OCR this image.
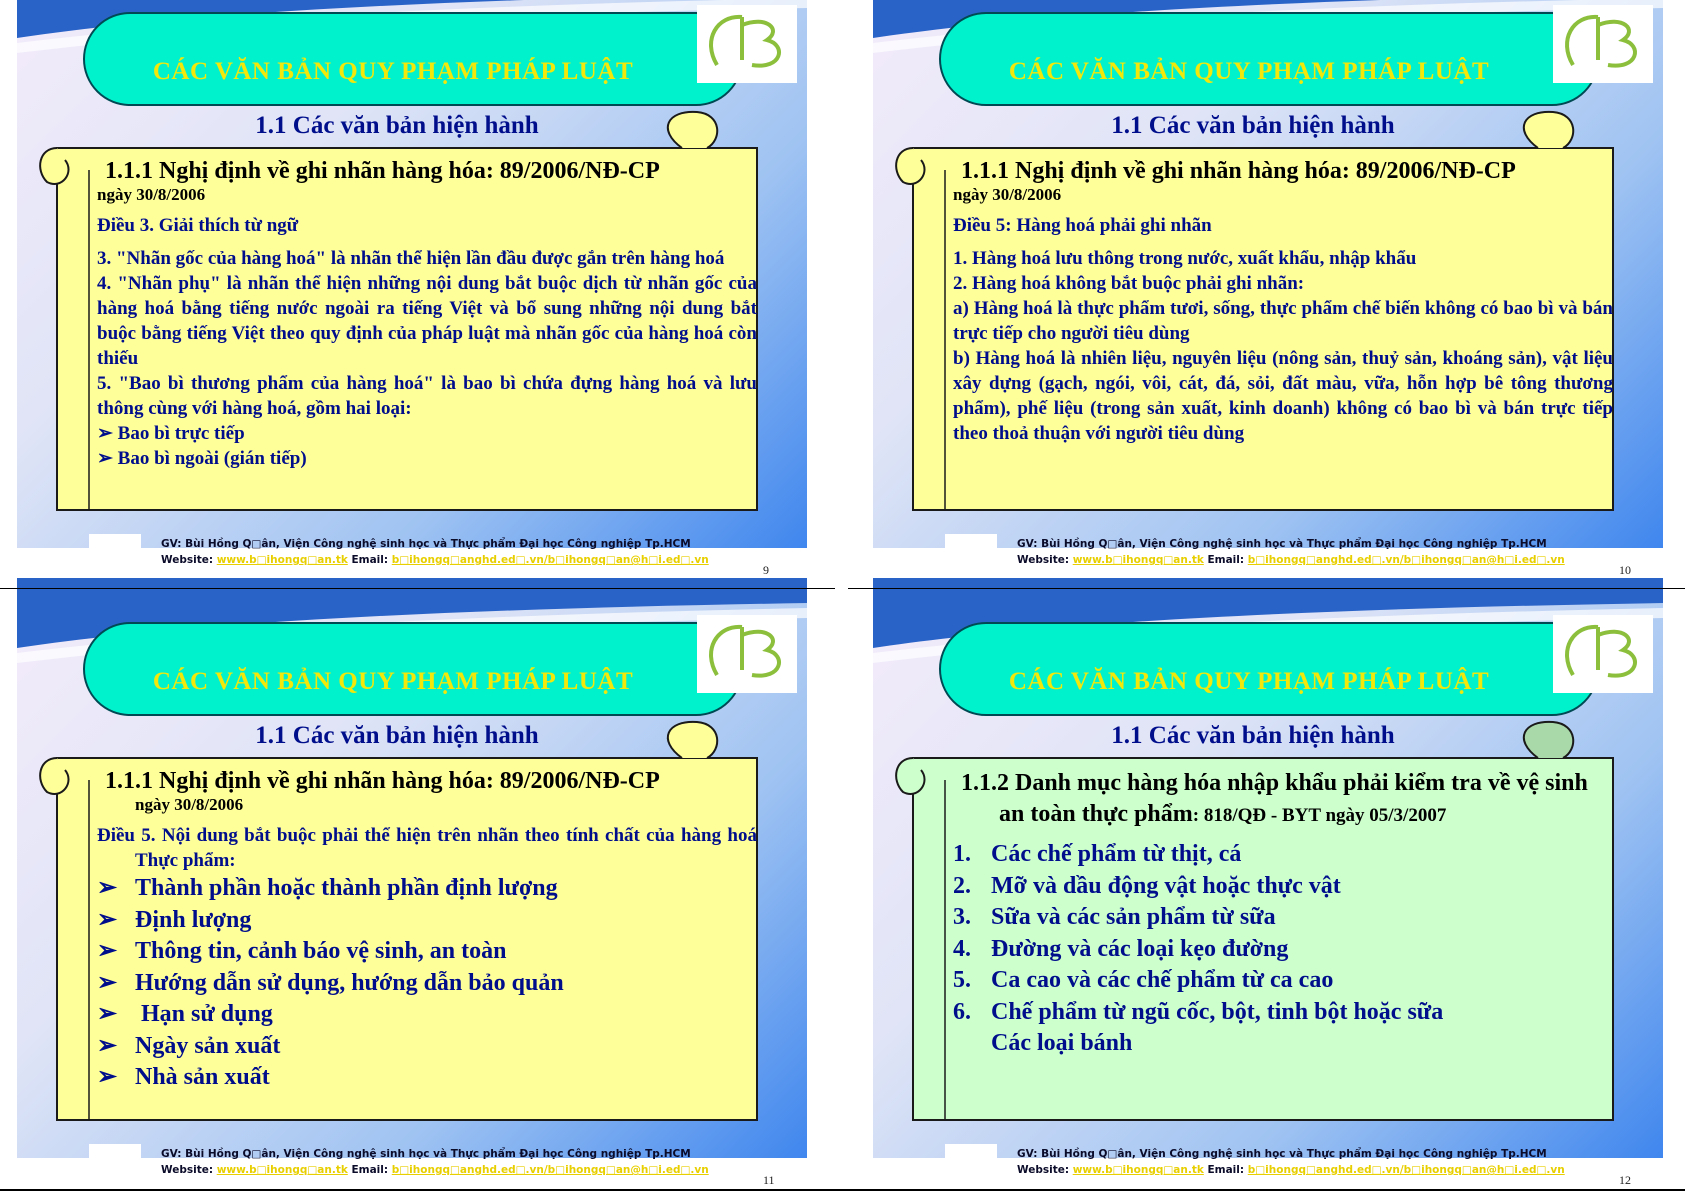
CÁC VĂN BẢN QUY PHẠM PHÁP LUẬT
1.1 Các văn bản hiện hành
1.1.1 Nghị định về ghi nhãn hàng hóa: 89/2006/NĐ-CP
ngày 30/8/2006
Điều 3. Giải thích từ ngữ
3. "Nhãn gốc của hàng hoá" là nhãn thể hiện lần đầu được gắn trên hàng hoá
4. "Nhãn phụ" là nhãn thể hiện những nội dung bắt buộc dịch từ nhãn gốc của hàng hoá bằng tiếng nước ngoài ra tiếng Việt và bổ sung những nội dung bắt buộc bằng tiếng Việt theo quy định của pháp luật mà nhãn gốc của hàng hoá còn thiếu
5. "Bao bì thương phẩm của hàng hoá" là bao bì chứa đựng hàng hoá và lưu thông cùng với hàng hoá, gồm hai loại:
➢ Bao bì trực tiếp
➢ Bao bì ngoài (gián tiếp)
GV: Bùi Hồng Q□ân, Viện Công nghệ sinh học và Thực phẩm Đại học Công nghiệp Tp.HCM
Website: www.b□ihongq□an.tk Email: b□ihongq□anghd.ed□.vn/b□ihongq□an@h□i.ed□.vn
9
CÁC VĂN BẢN QUY PHẠM PHÁP LUẬT
1.1 Các văn bản hiện hành
1.1.1 Nghị định về ghi nhãn hàng hóa: 89/2006/NĐ-CP
ngày 30/8/2006
Điều 5: Hàng hoá phải ghi nhãn
1. Hàng hoá lưu thông trong nước, xuất khẩu, nhập khẩu
2. Hàng hoá không bắt buộc phải ghi nhãn:
a) Hàng hoá là thực phẩm tươi, sống, thực phẩm chế biến không có bao bì và bán trực tiếp cho người tiêu dùng
b) Hàng hoá là nhiên liệu, nguyên liệu (nông sản, thuỷ sản, khoáng sản), vật liệu xây dựng (gạch, ngói, vôi, cát, đá, sỏi, đất màu, vữa, hỗn hợp bê tông thương phẩm), phế liệu (trong sản xuất, kinh doanh) không có bao bì và bán trực tiếp theo thoả thuận với người tiêu dùng
GV: Bùi Hồng Q□ân, Viện Công nghệ sinh học và Thực phẩm Đại học Công nghiệp Tp.HCM
Website: www.b□ihongq□an.tk Email: b□ihongq□anghd.ed□.vn/b□ihongq□an@h□i.ed□.vn
10
CÁC VĂN BẢN QUY PHẠM PHÁP LUẬT
1.1 Các văn bản hiện hành
1.1.1 Nghị định về ghi nhãn hàng hóa: 89/2006/NĐ-CP
ngày 30/8/2006
Điều 5. Nội dung bắt buộc phải thể hiện trên nhãn theo tính chất của hàng hoá Thực phẩm:
➢ Thành phần hoặc thành phần định lượng
➢ Định lượng
➢ Thông tin, cảnh báo vệ sinh, an toàn
➢ Hướng dẫn sử dụng, hướng dẫn bảo quản
➢ Hạn sử dụng
➢ Ngày sản xuất
➢ Nhà sản xuất
GV: Bùi Hồng Q□ân, Viện Công nghệ sinh học và Thực phẩm Đại học Công nghiệp Tp.HCM
Website: www.b□ihongq□an.tk Email: b□ihongq□anghd.ed□.vn/b□ihongq□an@h□i.ed□.vn
11
CÁC VĂN BẢN QUY PHẠM PHÁP LUẬT
1.1 Các văn bản hiện hành
1.1.2 Danh mục hàng hóa nhập khẩu phải kiểm tra về vệ sinh an toàn thực phẩm: 818/QĐ - BYT ngày 05/3/2007
1. Các chế phẩm từ thịt, cá
2. Mỡ và dầu động vật hoặc thực vật
3. Sữa và các sản phẩm từ sữa
4. Đường và các loại kẹo đường
5. Ca cao và các chế phẩm từ ca cao
6. Chế phẩm từ ngũ cốc, bột, tinh bột hoặc sữa
Các loại bánh
GV: Bùi Hồng Q□ân, Viện Công nghệ sinh học và Thực phẩm Đại học Công nghiệp Tp.HCM
Website: www.b□ihongq□an.tk Email: b□ihongq□anghd.ed□.vn/b□ihongq□an@h□i.ed□.vn
12
